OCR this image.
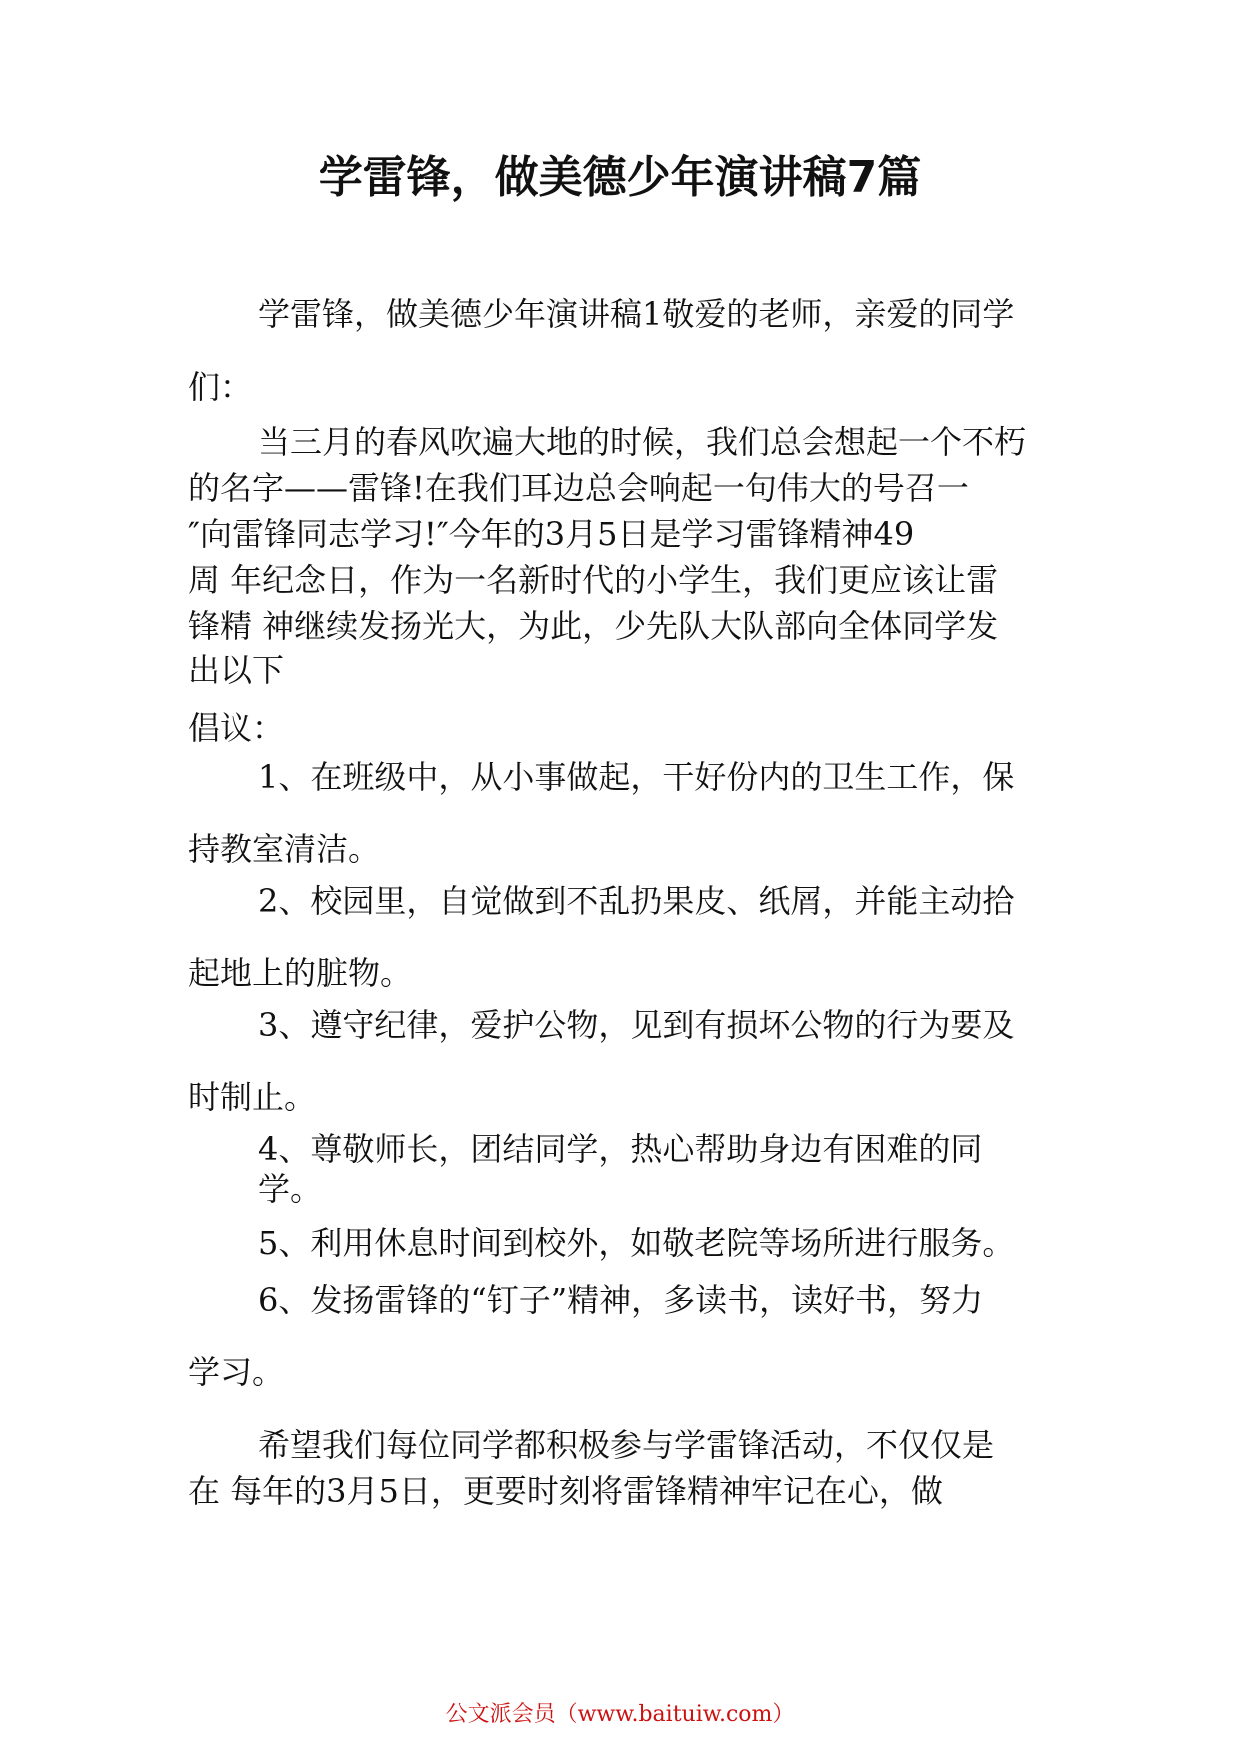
学雷锋，做美德少年演讲稿7篇
学雷锋，做美德少年演讲稿1敬爱的老师，亲爱的同学
们：
当三月的春风吹遍大地的时候，我们总会想起一个不朽
的名字——雷锋!在我们耳边总会响起一句伟大的号召一
″向雷锋同志学习!″今年的3月5日是学习雷锋精神49
周 年纪念日，作为一名新时代的小学生，我们更应该让雷
锋精 神继续发扬光大，为此，少先队大队部向全体同学发
出以下
倡议：
1、在班级中，从小事做起，干好份内的卫生工作，保
持教室清洁。
2、校园里，自觉做到不乱扔果皮、纸屑，并能主动拾
起地上的脏物。
3、遵守纪律，爱护公物，见到有损坏公物的行为要及
时制止。
4、尊敬师长，团结同学，热心帮助身边有困难的同
学。
5、利用休息时间到校外，如敬老院等场所进行服务。
6、发扬雷锋的“钉子”精神，多读书，读好书，努力
学习。
希望我们每位同学都积极参与学雷锋活动，不仅仅是
在 每年的3月5日，更要时刻将雷锋精神牢记在心，做
公文派会员（www.baituiw.com）
